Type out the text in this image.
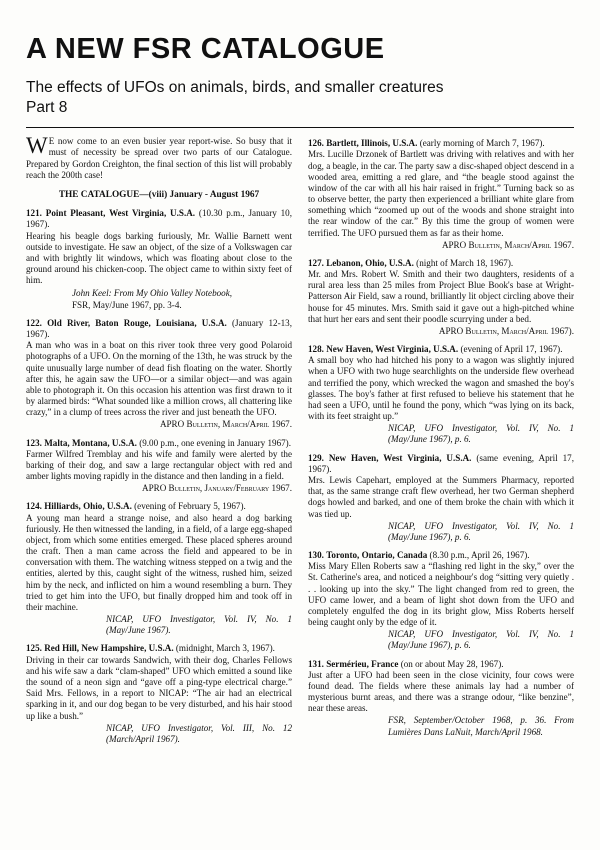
A NEW FSR CATALOGUE
The effects of UFOs on animals, birds, and smaller creatures
Part 8

W E now come to an even busier year report-wise. So busy that it must of necessity be spread over two parts of our Catalogue. Prepared by Gordon Creighton, the final section of this list will probably reach the 200th case!

THE CATALOGUE—(viii) January - August 1967

121. Point Pleasant, West Virginia, U.S.A. (10.30 p.m., January 10, 1967).

Hearing his beagle dogs barking furiously, Mr. Wallie Barnett went outside to investigate. He saw an object, of the size of a Volkswagen car and with brightly lit windows, which was floating about close to the ground around his chicken-coop. The object came to within sixty feet of him.

John Keel: From My Ohio Valley Notebook,

FSR, May/June 1967, pp. 3-4.

122. Old River, Baton Rouge, Louisiana, U.S.A. (January 12-13, 1967).

A man who was in a boat on this river took three very good Polaroid photographs of a UFO. On the morning of the 13th, he was struck by the quite unusually large number of dead fish floating on the water. Shortly after this, he again saw the UFO—or a similar object—and was again able to photograph it. On this occasion his attention was first drawn to it by alarmed birds: “What sounded like a million crows, all chattering like crazy,” in a clump of trees across the river and just beneath the UFO.

APRO Bulletin, March/April 1967.

123. Malta, Montana, U.S.A. (9.00 p.m., one evening in January 1967).

Farmer Wilfred Tremblay and his wife and family were alerted by the barking of their dog, and saw a large rectangular object with red and amber lights moving rapidly in the distance and then landing in a field.

APRO Bulletin, January/February 1967.

124. Hilliards, Ohio, U.S.A. (evening of February 5, 1967).

A young man heard a strange noise, and also heard a dog barking furiously. He then witnessed the landing, in a field, of a large egg-shaped object, from which some entities emerged. These placed spheres around the craft. Then a man came across the field and appeared to be in conversation with them. The watching witness stepped on a twig and the entities, alerted by this, caught sight of the witness, rushed him, seized him by the neck, and inflicted on him a wound resembling a burn. They tried to get him into the UFO, but finally dropped him and took off in their machine.

NICAP, UFO Investigator, Vol. IV, No. 1 (May/June 1967).

125. Red Hill, New Hampshire, U.S.A. (midnight, March 3, 1967).

Driving in their car towards Sandwich, with their dog, Charles Fellows and his wife saw a dark “clam-shaped” UFO which emitted a sound like the sound of a neon sign and “gave off a ping-type electrical charge.” Said Mrs. Fellows, in a report to NICAP: “The air had an electrical sparking in it, and our dog began to be very disturbed, and his hair stood up like a bush.”

NICAP, UFO Investigator, Vol. III, No. 12 (March/April 1967).

126. Bartlett, Illinois, U.S.A. (early morning of March 7, 1967).

Mrs. Lucille Drzonek of Bartlett was driving with relatives and with her dog, a beagle, in the car. The party saw a disc-shaped object descend in a wooded area, emitting a red glare, and “the beagle stood against the window of the car with all his hair raised in fright.” Turning back so as to observe better, the party then experienced a brilliant white glare from something which “zoomed up out of the woods and shone straight into the rear window of the car.” By this time the group of women were terrified. The UFO pursued them as far as their home.

APRO Bulletin, March/April 1967.

127. Lebanon, Ohio, U.S.A. (night of March 18, 1967).

Mr. and Mrs. Robert W. Smith and their two daughters, residents of a rural area less than 25 miles from Project Blue Book's base at Wright-Patterson Air Field, saw a round, brilliantly lit object circling above their house for 45 minutes. Mrs. Smith said it gave out a high-pitched whine that hurt her ears and sent their poodle scurrying under a bed.

APRO Bulletin, March/April 1967).

128. New Haven, West Virginia, U.S.A. (evening of April 17, 1967).

A small boy who had hitched his pony to a wagon was slightly injured when a UFO with two huge searchlights on the underside flew overhead and terrified the pony, which wrecked the wagon and smashed the boy's glasses. The boy's father at first refused to believe his statement that he had seen a UFO, until he found the pony, which “was lying on its back, with its feet straight up.”

NICAP, UFO Investigator, Vol. IV, No. 1 (May/June 1967), p. 6.

129. New Haven, West Virginia, U.S.A. (same evening, April 17, 1967).

Mrs. Lewis Capehart, employed at the Summers Pharmacy, reported that, as the same strange craft flew overhead, her two German shepherd dogs howled and barked, and one of them broke the chain with which it was tied up.

NICAP, UFO Investigator, Vol. IV, No. 1 (May/June 1967), p. 6.

130. Toronto, Ontario, Canada (8.30 p.m., April 26, 1967).

Miss Mary Ellen Roberts saw a “flashing red light in the sky,” over the St. Catherine's area, and noticed a neighbour's dog “sitting very quietly . . . looking up into the sky.” The light changed from red to green, the UFO came lower, and a beam of light shot down from the UFO and completely engulfed the dog in its bright glow, Miss Roberts herself being caught only by the edge of it.

NICAP, UFO Investigator, Vol. IV, No. 1 (May/June 1967), p. 6.

131. Sermérieu, France (on or about May 28, 1967).

Just after a UFO had been seen in the close vicinity, four cows were found dead. The fields where these animals lay had a number of mysterious burnt areas, and there was a strange odour, “like benzine”, near these areas.

FSR, September/October 1968, p. 36. From Lumières Dans LaNuit, March/April 1968.
